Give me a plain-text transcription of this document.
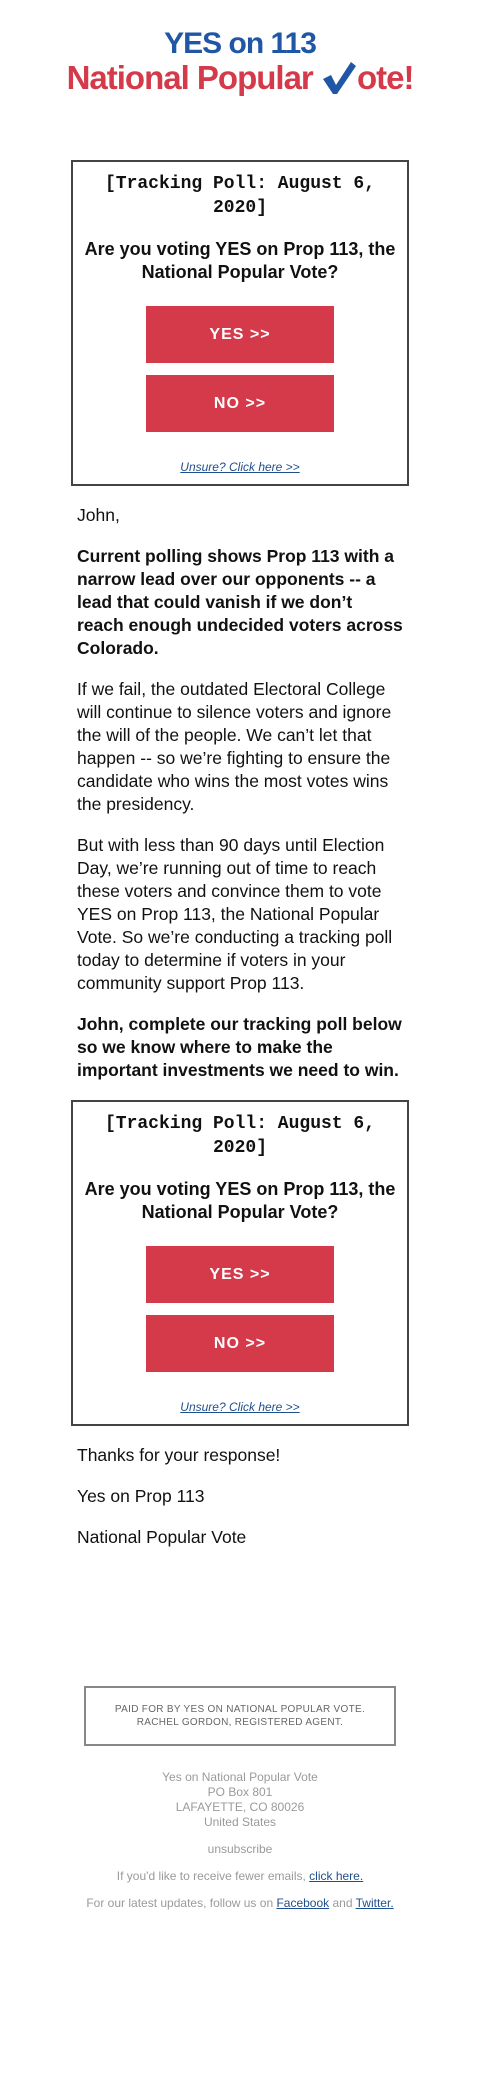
YES on 113
National Popular ote!
[Tracking Poll: August 6, 2020]
Are you voting YES on Prop 113, the National Popular Vote?
YES >>
NO >>
Unsure? Click here >>

John,

Current polling shows Prop 113 with a narrow lead over our opponents -- a lead that could vanish if we don’t reach enough undecided voters across Colorado.

If we fail, the outdated Electoral College will continue to silence voters and ignore the will of the people. We can’t let that happen -- so we’re fighting to ensure the candidate who wins the most votes wins the presidency.

But with less than 90 days until Election Day, we’re running out of time to reach these voters and convince them to vote YES on Prop 113, the National Popular Vote. So we’re conducting a tracking poll today to determine if voters in your community support Prop 113.

John, complete our tracking poll below so we know where to make the important investments we need to win.

[Tracking Poll: August 6, 2020]
Are you voting YES on Prop 113, the National Popular Vote?
YES >>
NO >>
Unsure? Click here >>

Thanks for your response!

Yes on Prop 113

National Popular Vote

PAID FOR BY YES ON NATIONAL POPULAR VOTE.
RACHEL GORDON, REGISTERED AGENT.

Yes on National Popular Vote

PO Box 801

LAFAYETTE, CO 80026

United States

unsubscribe

If you'd like to receive fewer emails, click here.

For our latest updates, follow us on Facebook and Twitter.
